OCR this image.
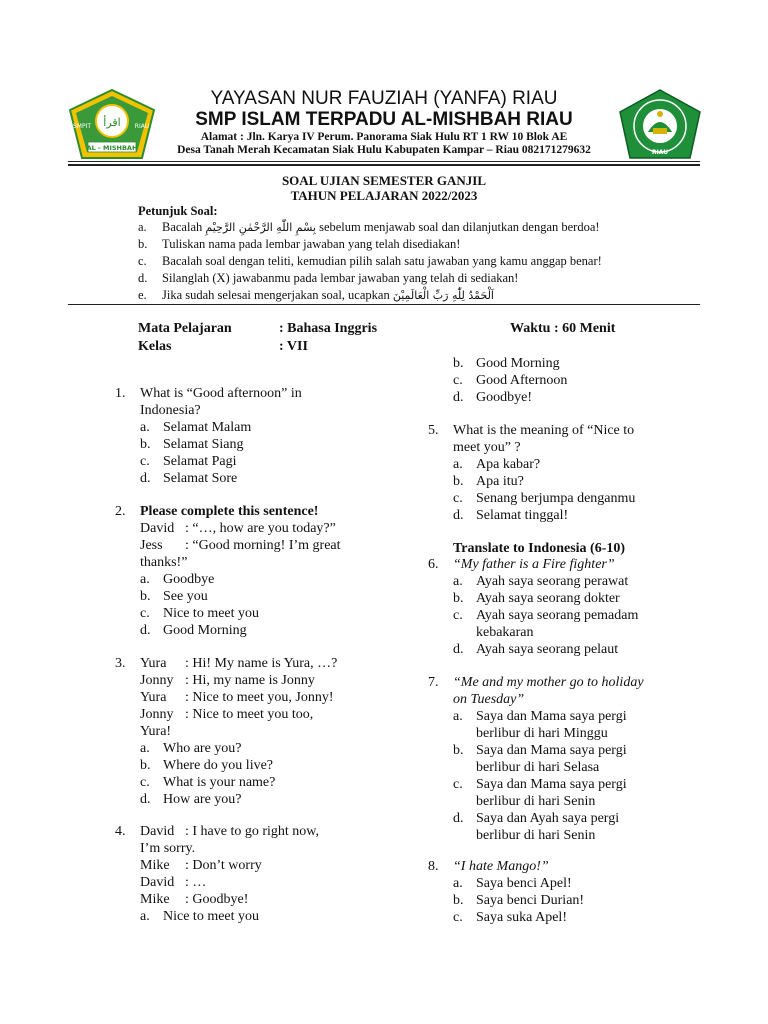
اقرأ
AL - MISHBAH
SMPIT	RIAU
YAYASAN NUR FAUZIAH (YANFA) RIAU
SMP ISLAM TERPADU AL-MISHBAH RIAU
Alamat : Jln. Karya IV Perum. Panorama Siak Hulu RT 1 RW 10 Blok AE
Desa Tanah Merah Kecamatan Siak Hulu Kabupaten Kampar – Riau 082171279632	RIAU
SOAL UJIAN SEMESTER GANJIL
TAHUN PELAJARAN 2022/2023
Petunjuk Soal:
a.	Bacalah بِسْمِ اللّٰهِ الرَّحْمٰنِ الرَّحِيْمِ sebelum menjawab soal dan dilanjutkan dengan berdoa!
b.	Tuliskan nama pada lembar jawaban yang telah disediakan!
c.	Bacalah soal dengan teliti, kemudian pilih salah satu jawaban yang kamu anggap benar!
d.	Silanglah (X) jawabanmu pada lembar jawaban yang telah di sediakan!
e.	Jika sudah selesai mengerjakan soal, ucapkan اَلْحَمْدُ لِلّٰهِ رَبِّ الْعَالَمِيْنَ
Mata Pelajaran	: Bahasa Inggris
Kelas	: VII
Waktu : 60 Menit
1. What is “Good afternoon” in
Indonesia?
a. Selamat Malam
b. Selamat Siang
c. Selamat Pagi
d. Selamat Sore
2. Please complete this sentence!
David : “…, how are you today?”
Jess : “Good morning! I’m great
thanks!”
a. Goodbye
b. See you
c. Nice to meet you
d. Good Morning
3. Yura : Hi! My name is Yura, …?
Jonny : Hi, my name is Jonny
Yura : Nice to meet you, Jonny!
Jonny : Nice to meet you too,
Yura!
a. Who are you?
b. Where do you live?
c. What is your name?
d. How are you?
4. David : I have to go right now,
I’m sorry.
Mike : Don’t worry
David : …
Mike : Goodbye!
a. Nice to meet you
b. Good Morning
c. Good Afternoon
d. Goodbye!
5. What is the meaning of “Nice to
meet you” ?
a. Apa kabar?
b. Apa itu?
c. Senang berjumpa denganmu
d. Selamat tinggal!
Translate to Indonesia (6-10)
6. “My father is a Fire fighter”
a. Ayah saya seorang perawat
b. Ayah saya seorang dokter
c. Ayah saya seorang pemadam
kebakaran
d. Ayah saya seorang pelaut
7. “Me and my mother go to holiday
on Tuesday”
a. Saya dan Mama saya pergi
berlibur di hari Minggu
b. Saya dan Mama saya pergi
berlibur di hari Selasa
c. Saya dan Mama saya pergi
berlibur di hari Senin
d. Saya dan Ayah saya pergi
berlibur di hari Senin
8. “I hate Mango!”
a. Saya benci Apel!
b. Saya benci Durian!
c. Saya suka Apel!
